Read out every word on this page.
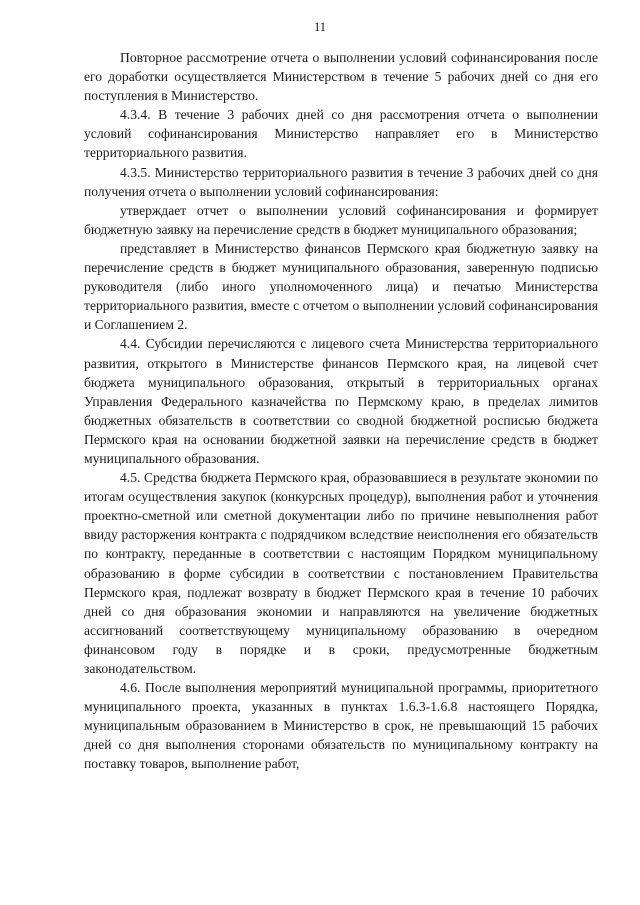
11

Повторное рассмотрение отчета о выполнении условий софинансирования после его доработки осуществляется Министерством в течение 5 рабочих дней со дня его поступления в Министерство.

4.3.4. В течение 3 рабочих дней со дня рассмотрения отчета о выполнении условий софинансирования Министерство направляет его в Министерство территориального развития.

4.3.5. Министерство территориального развития в течение 3 рабочих дней со дня получения отчета о выполнении условий софинансирования:

утверждает отчет о выполнении условий софинансирования и формирует бюджетную заявку на перечисление средств в бюджет муниципального образования;

представляет в Министерство финансов Пермского края бюджетную заявку на перечисление средств в бюджет муниципального образования, завеpенную подписью руководителя (либо иного уполномоченного лица) и печатью Министерства территориального развития, вместе с отчетом о выполнении условий софинансирования и Соглашением 2.

4.4. Субсидии перечисляются с лицевого счета Министерства территориального развития, открытого в Министерстве финансов Пермского края, на лицевой счет бюджета муниципального образования, открытый в территориальных органах Управления Федерального казначейства по Пермскому краю, в пределах лимитов бюджетных обязательств в соответствии со сводной бюджетной росписью бюджета Пермского края на основании бюджетной заявки на перечисление средств в бюджет муниципального образования.

4.5. Средства бюджета Пермского края, образовавшиеся в результате экономии по итогам осуществления закупок (конкурсных процедур), выполнения работ и уточнения проектно-сметной или сметной документации либо по причине невыполнения работ ввиду расторжения контракта с подрядчиком вследствие неисполнения его обязательств по контракту, переданные в соответствии с настоящим Порядком муниципальному образованию в форме субсидии в соответствии с постановлением Правительства Пермского края, подлежат возврату в бюджет Пермского края в течение 10 рабочих дней со дня образования экономии и направляются на увеличение бюджетных ассигнований соответствующему муниципальному образованию в очередном финансовом году в порядке и в сроки, предусмотренные бюджетным законодательством.

4.6. После выполнения мероприятий муниципальной программы, приоритетного муниципального проекта, указанных в пунктах 1.6.3-1.6.8 настоящего Порядка, муниципальным образованием в Министерство в срок, не превышающий 15 рабочих дней со дня выполнения сторонами обязательств по муниципальному контракту на поставку товаров, выполнение работ,
